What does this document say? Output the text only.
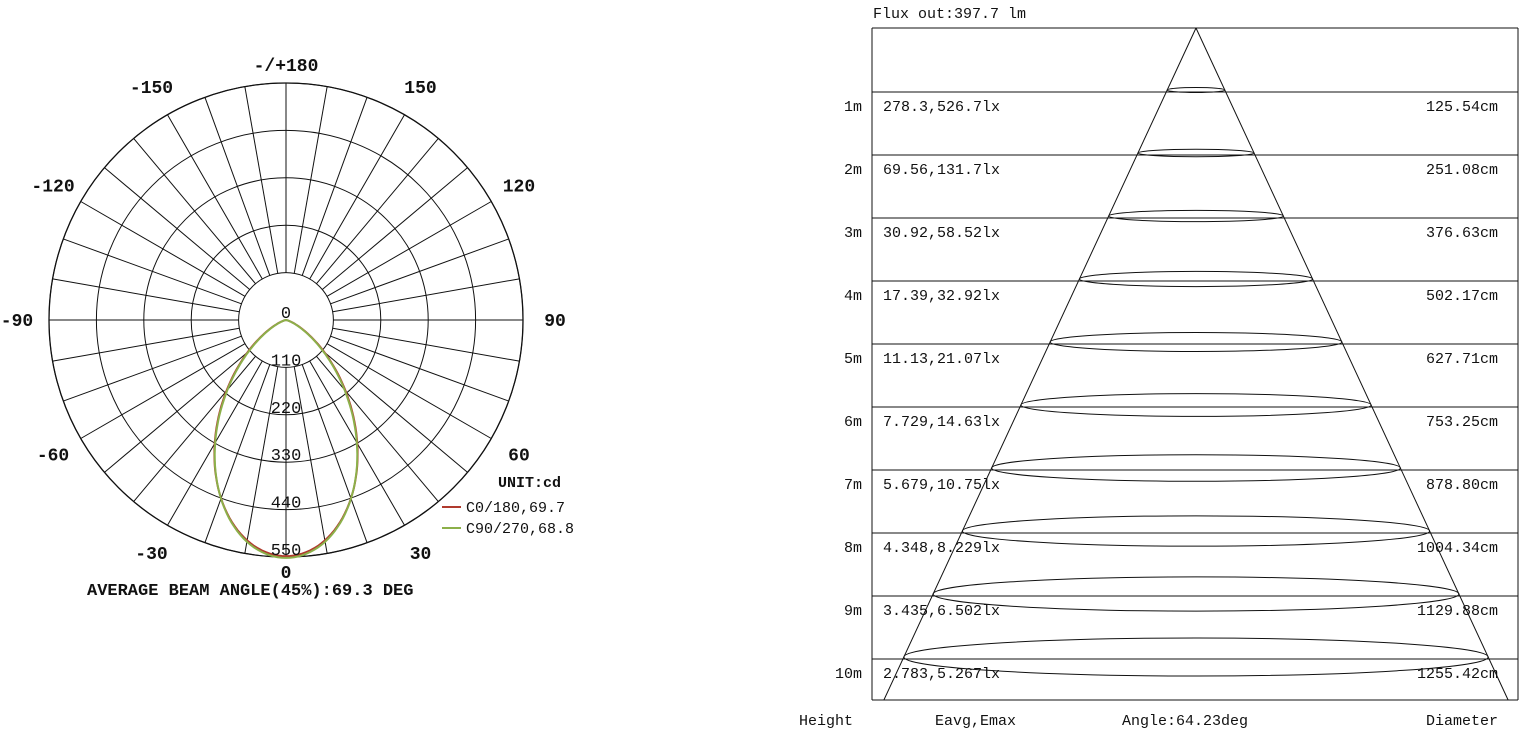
-/+180
-150	150
-120	120
-90	90
-60	60
-30	30
0
0
110
220
330
440
550
UNIT:cd
C0/180,69.7
C90/270,68.8
AVERAGE BEAM ANGLE(45%):69.3 DEG
Flux out:397.7 lm
1m 278.3,526.7lx	125.54cm
2m 69.56,131.7lx	251.08cm
3m 30.92,58.52lx	376.63cm
4m 17.39,32.92lx	502.17cm
5m 11.13,21.07lx	627.71cm
6m 7.729,14.63lx	753.25cm
7m 5.679,10.75lx	878.80cm
8m 4.348,8.229lx	1004.34cm
9m 3.435,6.502lx	1129.88cm
10m 2.783,5.267lx	1255.42cm
Height	Eavg,Emax	Angle:64.23deg	Diameter
